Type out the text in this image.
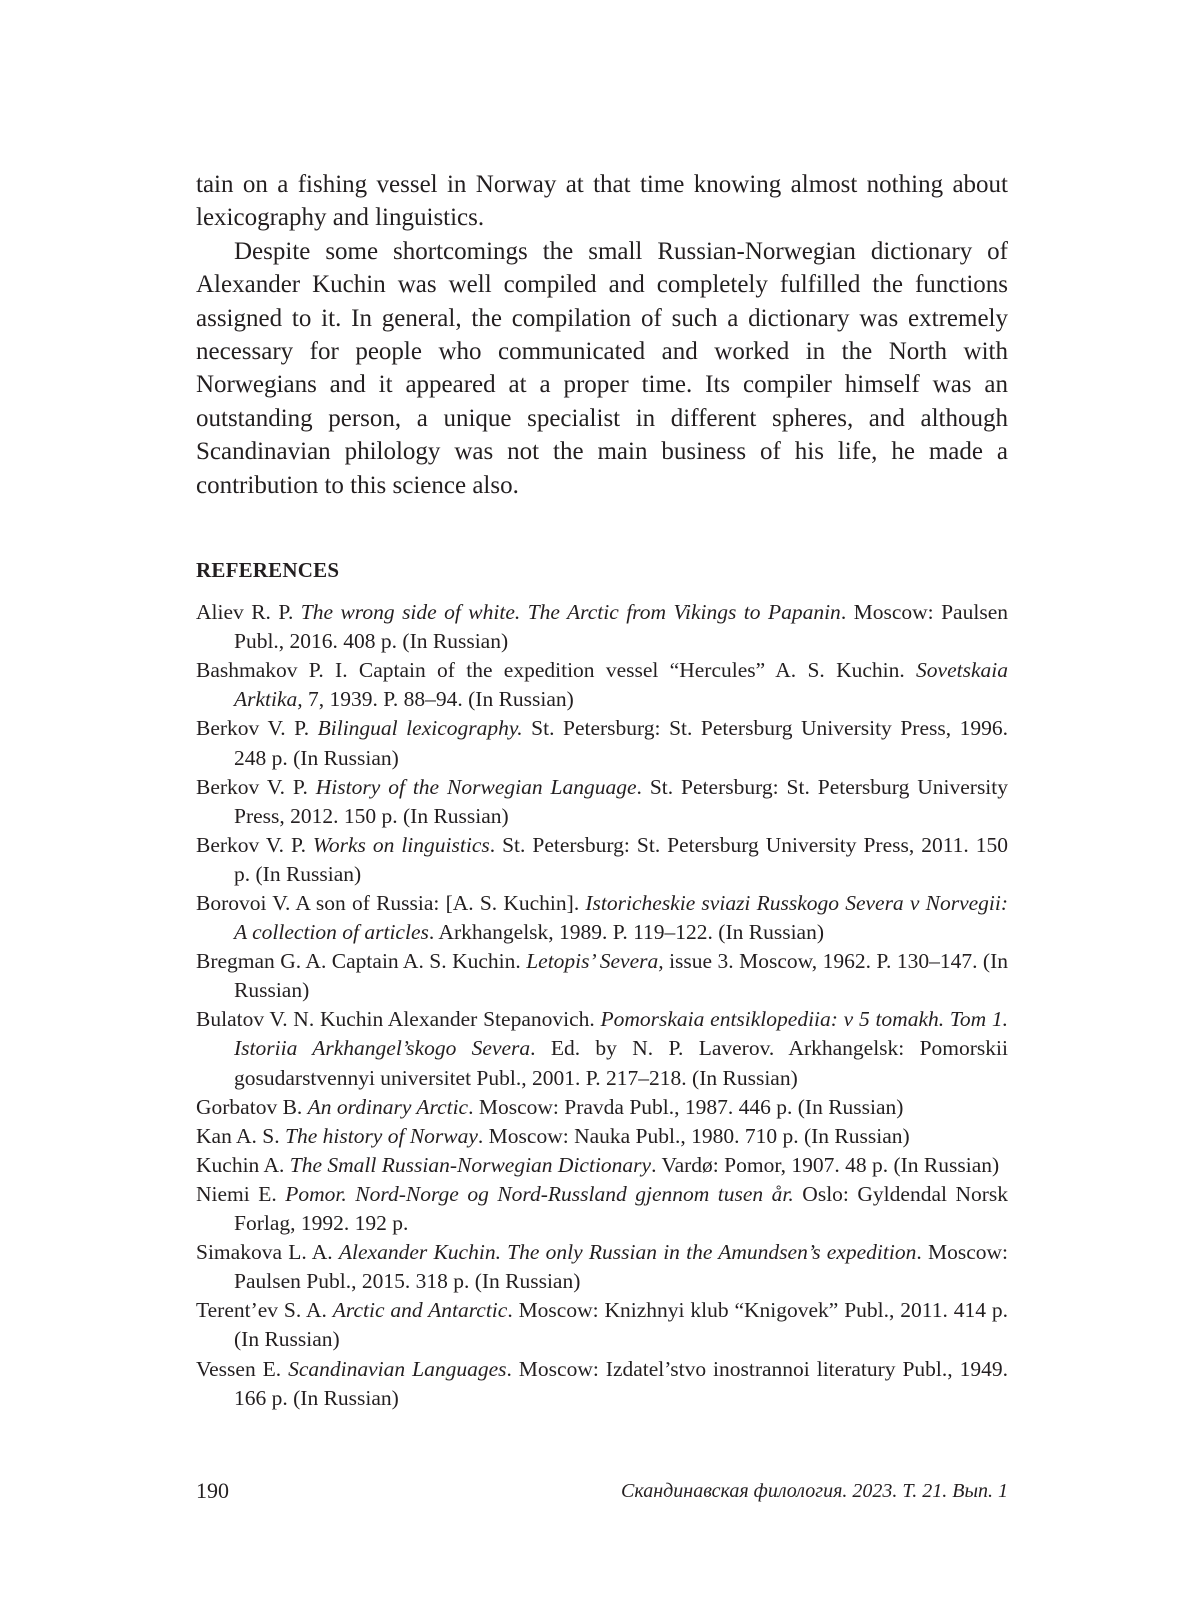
tain on a fishing vessel in Norway at that time knowing almost nothing about lexicography and linguistics.

Despite some shortcomings the small Russian-Norwegian dictionary of Alexander Kuchin was well compiled and completely fulfilled the functions assigned to it. In general, the compilation of such a dictionary was extremely necessary for people who communicated and worked in the North with Norwegians and it appeared at a proper time. Its compiler himself was an outstanding person, a unique specialist in different spheres, and although Scandinavian philology was not the main business of his life, he made a contribution to this science also.

REFERENCES
Aliev R. P. The wrong side of white. The Arctic from Vikings to Papanin. Moscow: Paulsen Publ., 2016. 408 p. (In Russian)
Bashmakov P. I. Captain of the expedition vessel “Hercules” A. S. Kuchin. Sovetskaia Arktika, 7, 1939. P. 88–94. (In Russian)
Berkov V. P. Bilingual lexicography. St. Petersburg: St. Petersburg University Press, 1996. 248 p. (In Russian)
Berkov V. P. History of the Norwegian Language. St. Petersburg: St. Petersburg University Press, 2012. 150 p. (In Russian)
Berkov V. P. Works on linguistics. St. Petersburg: St. Petersburg University Press, 2011. 150 p. (In Russian)
Borovoi V. A son of Russia: [A. S. Kuchin]. Istoricheskie sviazi Russkogo Severa v Norvegii: A collection of articles. Arkhangelsk, 1989. P. 119–122. (In Russian)
Bregman G. A. Captain A. S. Kuchin. Letopis’ Severa, issue 3. Moscow, 1962. P. 130–147. (In Russian)
Bulatov V. N. Kuchin Alexander Stepanovich. Pomorskaia entsiklopediia: v 5 tomakh. Tom 1. Istoriia Arkhangel’skogo Severa. Ed. by N. P. Laverov. Arkhangelsk: Pomorskii gosudarstvennyi universitet Publ., 2001. P. 217–218. (In Russian)
Gorbatov B. An ordinary Arctic. Moscow: Pravda Publ., 1987. 446 p. (In Russian)
Kan A. S. The history of Norway. Moscow: Nauka Publ., 1980. 710 p. (In Russian)
Kuchin A. The Small Russian-Norwegian Dictionary. Vardø: Pomor, 1907. 48 p. (In Russian)
Niemi E. Pomor. Nord-Norge og Nord-Russland gjennom tusen år. Oslo: Gyldendal Norsk Forlag, 1992. 192 p.
Simakova L. A. Alexander Kuchin. The only Russian in the Amundsen’s expedition. Moscow: Paulsen Publ., 2015. 318 p. (In Russian)
Terent’ev S. A. Arctic and Antarctic. Moscow: Knizhnyi klub “Knigovek” Publ., 2011. 414 p. (In Russian)
Vessen E. Scandinavian Languages. Moscow: Izdatel’stvo inostrannoi literatury Publ., 1949. 166 p. (In Russian)
190	Скандинавская филология. 2023. Т. 21. Вып. 1
